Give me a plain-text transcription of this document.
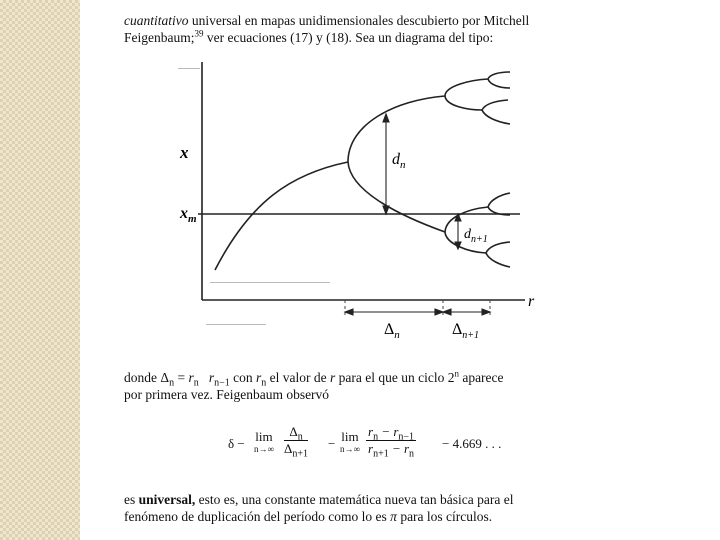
cuantitativo universal en mapas unidimensionales descubierto por Mitchell
Feigenbaum;$^{39}$ ver ecuaciones (17) y (18). Sea un diagrama del tipo:
x
$x_m$
r
$d_n$
$d_{n+1}$
$\Delta_n$	$\Delta_{n+1}$
donde $\Delta_n = r_n$ $r_{n-1}$ con $r_n$ el valor de r para el que un ciclo 2$^n$ aparece
por primera vez. Feigenbaum observó
δ − lim
$n\to\infty \frac{\Delta_n}{\Delta_{n+1}} - \lim$
$n\to\infty \frac{r_n - r_{n-1}}{r_{n+1} - r_n} - 4.669$ . . .
es universal, esto es, una constante matemática nueva tan básica para el
fenómeno de duplicación del período como lo es π para los círculos.
